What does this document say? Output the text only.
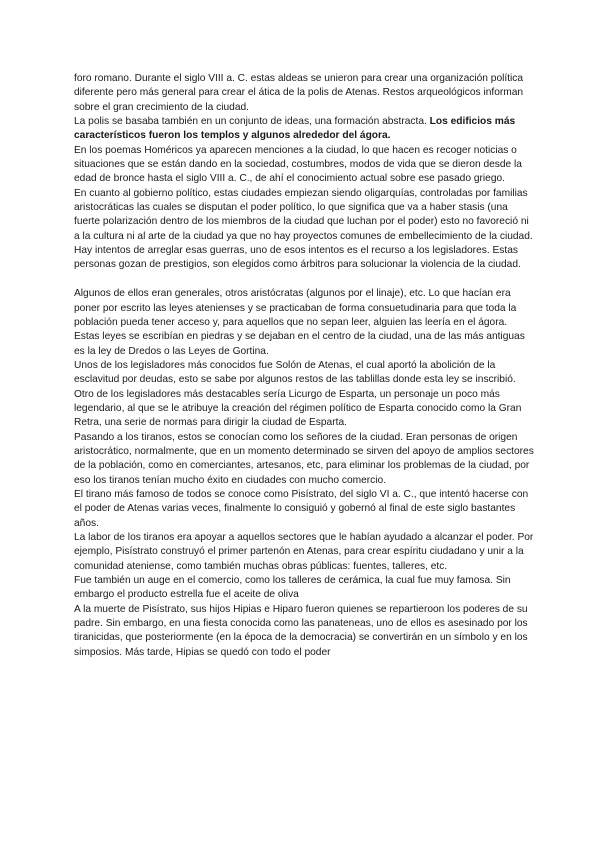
foro romano. Durante el siglo VIII a. C. estas aldeas se unieron para crear una organización política diferente pero más general para crear el ática de la polis de Atenas. Restos arqueológicos informan sobre el gran crecimiento de la ciudad.

La polis se basaba también en un conjunto de ideas, una formación abstracta. Los edificios más característicos fueron los templos y algunos alrededor del ágora.

En los poemas Homéricos ya aparecen menciones a la ciudad, lo que hacen es recoger noticias o situaciones que se están dando en la sociedad, costumbres, modos de vida que se dieron desde la edad de bronce hasta el siglo VIII a. C., de ahí el conocimiento actual sobre ese pasado griego.

En cuanto al gobierno político, estas ciudades empiezan siendo oligarquías, controladas por familias aristocráticas las cuales se disputan el poder político, lo que significa que va a haber stasis (una fuerte polarización dentro de los miembros de la ciudad que luchan por el poder) esto no favoreció ni a la cultura ni al arte de la ciudad ya que no hay proyectos comunes de embellecimiento de la ciudad. Hay intentos de arreglar esas guerras, uno de esos intentos es el recurso a los legisladores. Estas personas gozan de prestigios, son elegidos como árbitros para solucionar la violencia de la ciudad.

Algunos de ellos eran generales, otros aristócratas (algunos por el linaje), etc. Lo que hacían era poner por escrito las leyes atenienses y se practicaban de forma consuetudinaria para que toda la población pueda tener acceso y, para aquellos que no sepan leer, alguien las leería en el ágora. Estas leyes se escribían en piedras y se dejaban en el centro de la ciudad, una de las más antiguas es la ley de Dredos o las Leyes de Gortina.

Unos de los legisladores más conocidos fue Solón de Atenas, el cual aportó la abolición de la esclavitud por deudas, esto se sabe por algunos restos de las tablillas donde esta ley se inscribió.

Otro de los legisladores más destacables sería Licurgo de Esparta, un personaje un poco más legendario, al que se le atribuye la creación del régimen político de Esparta conocido como la Gran Retra, una serie de normas para dirigir la ciudad de Esparta.

Pasando a los tiranos, estos se conocían como los señores de la ciudad. Eran personas de origen aristocrático, normalmente, que en un momento determinado se sirven del apoyo de amplios sectores de la población, como en comerciantes, artesanos, etc, para eliminar los problemas de la ciudad, por eso los tiranos tenían mucho éxito en ciudades con mucho comercio.

El tirano más famoso de todos se conoce como Pisístrato, del siglo VI a. C., que intentó hacerse con el poder de Atenas varias veces, finalmente lo consiguió y gobernó al final de este siglo bastantes años.

La labor de los tiranos era apoyar a aquellos sectores que le habían ayudado a alcanzar el poder. Por ejemplo, Pisístrato construyó el primer partenón en Atenas, para crear espíritu ciudadano y unir a la comunidad ateniense, como también muchas obras públicas: fuentes, talleres, etc.

Fue también un auge en el comercio, como los talleres de cerámica, la cual fue muy famosa. Sin embargo el producto estrella fue el aceite de oliva

A la muerte de Pisístrato, sus hijos Hipias e Hiparo fueron quienes se repartieroon los poderes de su padre. Sin embargo, en una fiesta conocida como las panateneas, uno de ellos es asesinado por los tiranicidas, que posteriormente (en la época de la democracia) se convertirán en un símbolo y en los simposios. Más tarde, Hipias se quedó con todo el poder
